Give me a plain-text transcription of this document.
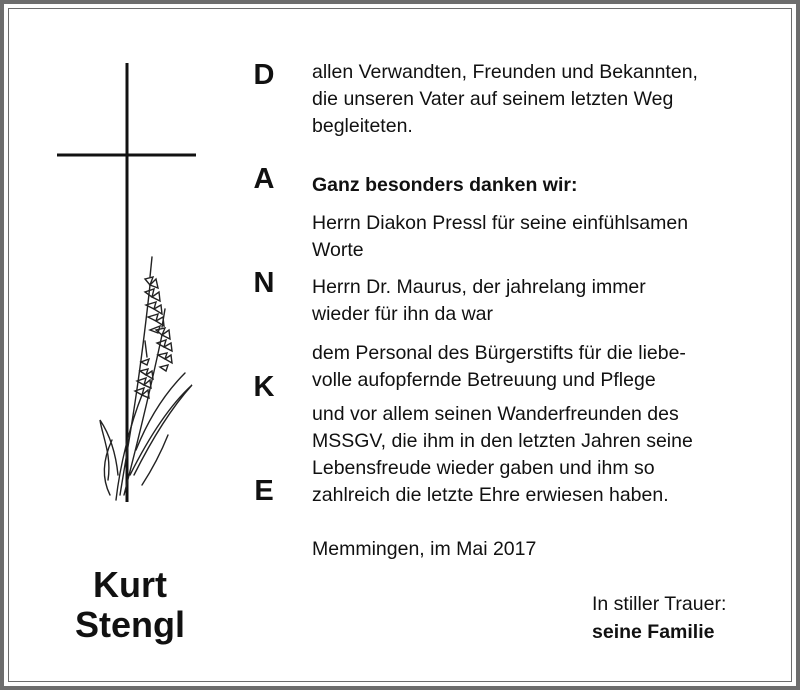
D
A
N
K
E
allen Verwandten, Freunden und Bekannten,
die unseren Vater auf seinem letzten Weg
begleiteten.
Ganz besonders danken wir:
Herrn Diakon Pressl für seine einfühlsamen
Worte
Herrn Dr. Maurus, der jahrelang immer
wieder für ihn da war
dem Personal des Bürgerstifts für die liebe-
volle aufopfernde Betreuung und Pflege
und vor allem seinen Wanderfreunden des
MSSGV, die ihm in den letzten Jahren seine
Lebensfreude wieder gaben und ihm so
zahlreich die letzte Ehre erwiesen haben.
Memmingen, im Mai 2017
Kurt
Stengl	In stiller Trauer:
seine Familie
